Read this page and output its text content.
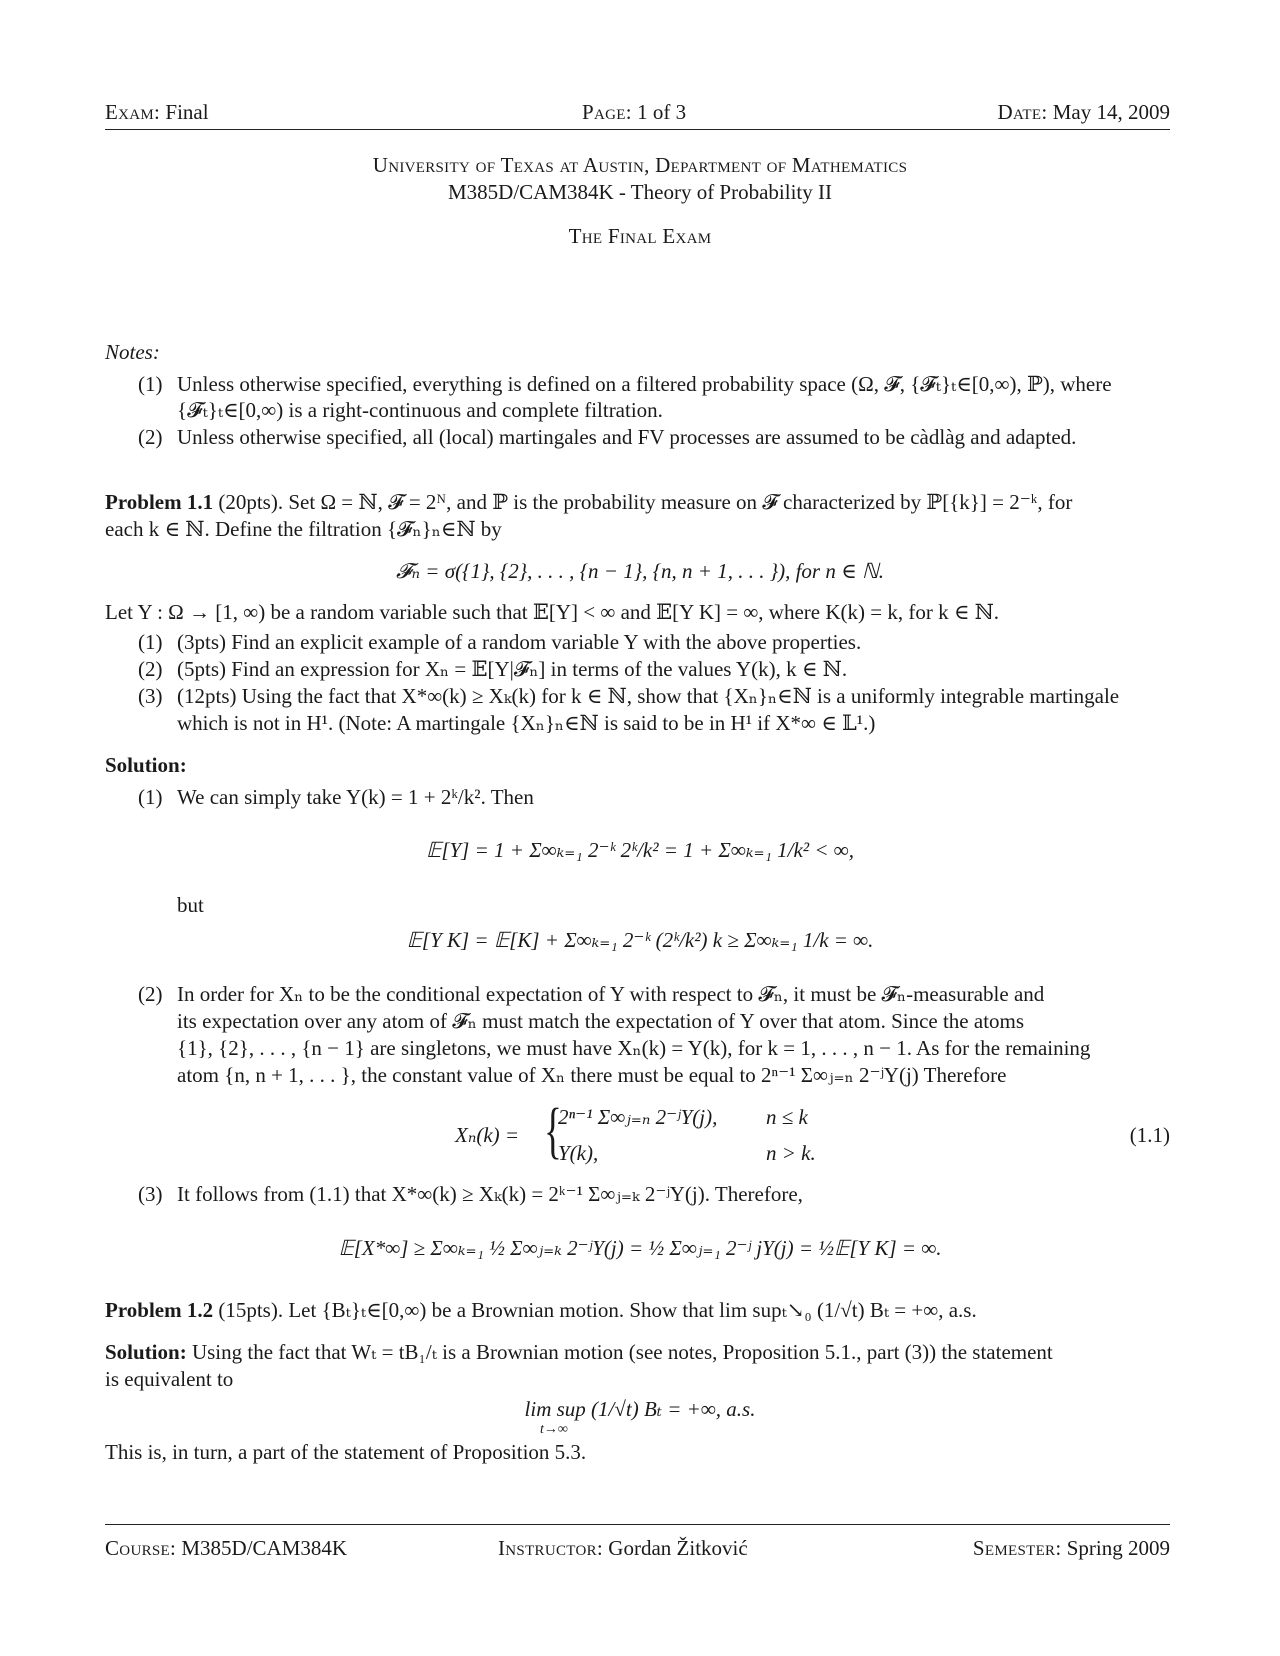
Exam: Final	Page: 1 of 3	Date: May 14, 2009
University of Texas at Austin, Department of Mathematics
M385D/CAM384K - Theory of Probability II
The Final Exam
Notes:
(1) Unless otherwise specified, everything is defined on a filtered probability space (Ω, 𝓕, {𝓕ₜ}ₜ∈[0,∞), ℙ), where
{𝓕ₜ}ₜ∈[0,∞) is a right-continuous and complete filtration.
(2) Unless otherwise specified, all (local) martingales and FV processes are assumed to be càdlàg and adapted.
Problem 1.1 (20pts). Set Ω = ℕ, 𝓕 = 2ᴺ, and ℙ is the probability measure on 𝓕 characterized by ℙ[{k}] = 2⁻ᵏ, for
each k ∈ ℕ. Define the filtration {𝓕ₙ}ₙ∈ℕ by
𝓕ₙ = σ({1}, {2}, . . . , {n − 1}, {n, n + 1, . . . }), for n ∈ ℕ.
Let Y : Ω → [1, ∞) be a random variable such that 𝔼[Y] < ∞ and 𝔼[Y K] = ∞, where K(k) = k, for k ∈ ℕ.
(1) (3pts) Find an explicit example of a random variable Y with the above properties.
(2) (5pts) Find an expression for Xₙ = 𝔼[Y|𝓕ₙ] in terms of the values Y(k), k ∈ ℕ.
(3) (12pts) Using the fact that X*∞(k) ≥ Xₖ(k) for k ∈ ℕ, show that {Xₙ}ₙ∈ℕ is a uniformly integrable martingale
which is not in H¹. (Note: A martingale {Xₙ}ₙ∈ℕ is said to be in H¹ if X*∞ ∈ 𝕃¹.)
Solution:
(1) We can simply take Y(k) = 1 + 2ᵏ/k². Then
𝔼[Y] = 1 + Σ∞ₖ₌₁ 2⁻ᵏ 2ᵏ/k² = 1 + Σ∞ₖ₌₁ 1/k² < ∞,
but
𝔼[Y K] = 𝔼[K] + Σ∞ₖ₌₁ 2⁻ᵏ (2ᵏ/k²) k ≥ Σ∞ₖ₌₁ 1/k = ∞.
(2) In order for Xₙ to be the conditional expectation of Y with respect to 𝓕ₙ, it must be 𝓕ₙ-measurable and
its expectation over any atom of 𝓕ₙ must match the expectation of Y over that atom. Since the atoms
{1}, {2}, . . . , {n − 1} are singletons, we must have Xₙ(k) = Y(k), for k = 1, . . . , n − 1. As for the remaining
atom {n, n + 1, . . . }, the constant value of Xₙ there must be equal to 2ⁿ⁻¹ Σ∞ⱼ₌ₙ 2⁻ʲY(j) Therefore
Xₙ(k) = {
2ⁿ⁻¹ Σ∞ⱼ₌ₙ 2⁻ʲY(j), n ≤ k
Y(k),	n > k.
(1.1)
(3) It follows from (1.1) that X*∞(k) ≥ Xₖ(k) = 2ᵏ⁻¹ Σ∞ⱼ₌ₖ 2⁻ʲY(j). Therefore,
𝔼[X*∞] ≥ Σ∞ₖ₌₁ ½ Σ∞ⱼ₌ₖ 2⁻ʲY(j) = ½ Σ∞ⱼ₌₁ 2⁻ʲ jY(j) = ½𝔼[Y K] = ∞.
Problem 1.2 (15pts). Let {Bₜ}ₜ∈[0,∞) be a Brownian motion. Show that lim supₜ↘₀ (1/√t) Bₜ = +∞, a.s.
Solution: Using the fact that Wₜ = tB₁/ₜ is a Brownian motion (see notes, Proposition 5.1., part (3)) the statement
is equivalent to
lim sup (1/√t) Bₜ = +∞, a.s.
t→∞
This is, in turn, a part of the statement of Proposition 5.3.
Course: M385D/CAM384K	Instructor: Gordan Žitković	Semester: Spring 2009
